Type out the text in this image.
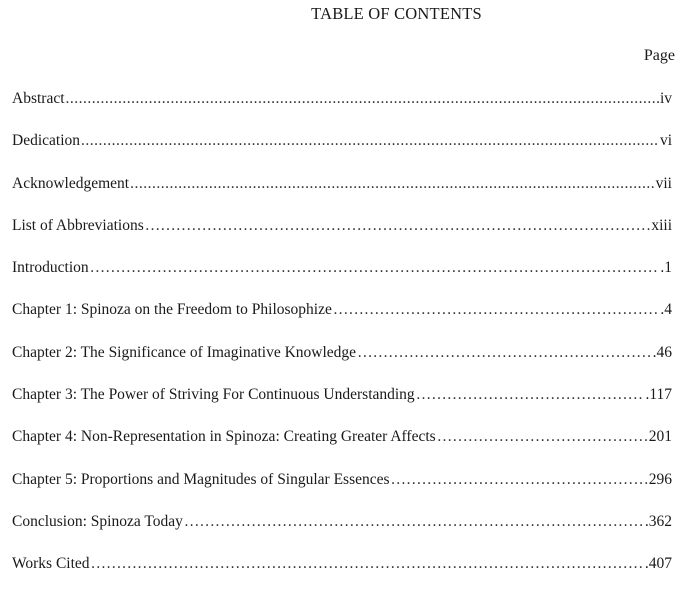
TABLE OF CONTENTS
Page
Abstract .....	iv
Dedication .....	vi
Acknowledgement .....	vii
List of Abbreviations ………………………………………………………………………………………………………………………………………………	xiii
Introduction ………………………………………………………………………………………………………………………………………………	.1
Chapter 1: Spinoza on the Freedom to Philosophize ………………………………………………………………………………………………………………………………………………	.4
Chapter 2: The Significance of Imaginative Knowledge ………………………………………………………………………………………………………………………………………………	.46
Chapter 3: The Power of Striving For Continuous Understanding ………………………………………………………………………………………………………………………………………………	.117
Chapter 4: Non-Representation in Spinoza: Creating Greater Affects ………………………………………………………………………………………………………………………………………………	201
Chapter 5: Proportions and Magnitudes of Singular Essences ………………………………………………………………………………………………………………………………………………	296
Conclusion: Spinoza Today ………………………………………………………………………………………………………………………………………………	.362
Works Cited ………………………………………………………………………………………………………………………………………………	.407
